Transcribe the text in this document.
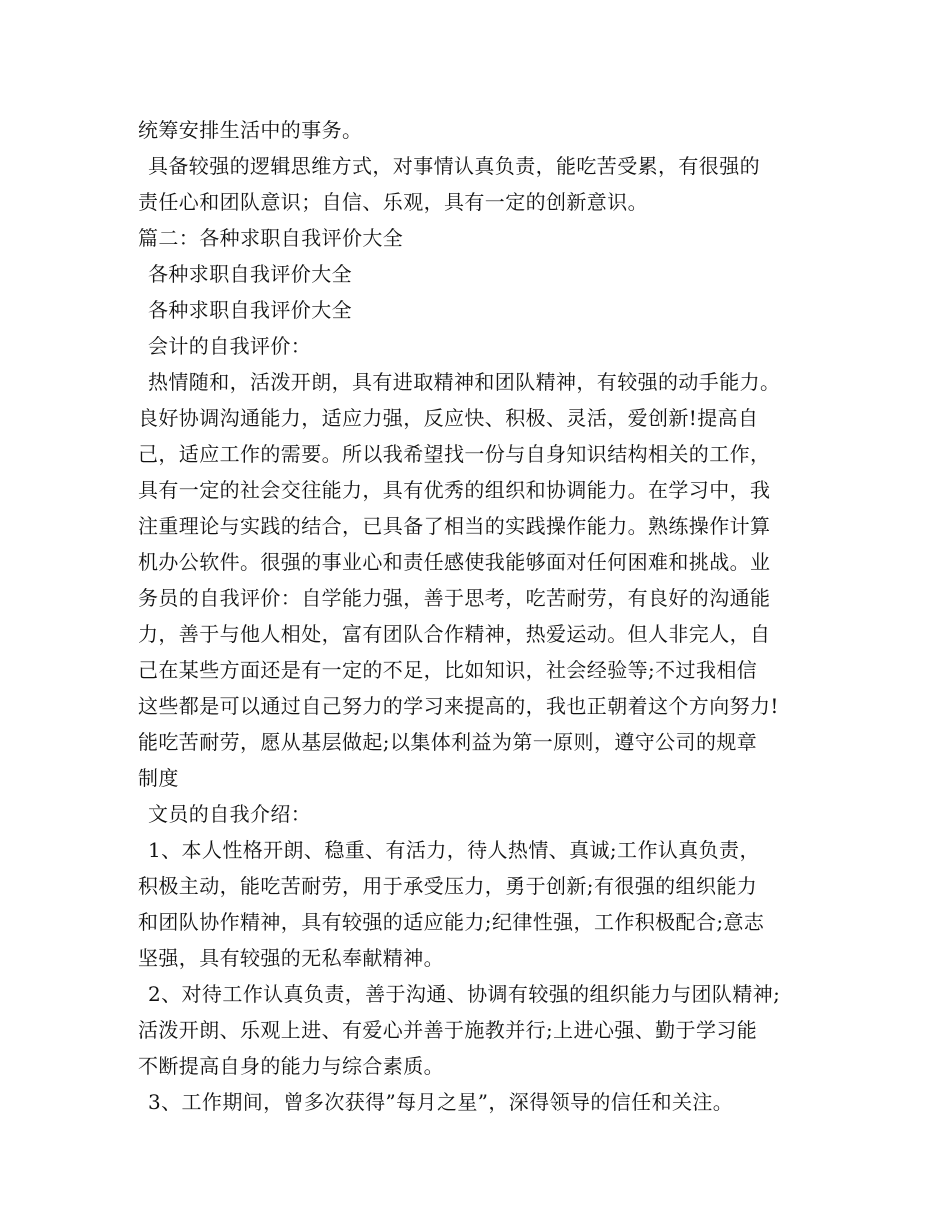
统筹安排生活中的事务。
具备较强的逻辑思维方式，对事情认真负责，能吃苦受累，有很强的
责任心和团队意识；自信、乐观，具有一定的创新意识。
篇二：各种求职自我评价大全
各种求职自我评价大全
各种求职自我评价大全
会计的自我评价：
热情随和，活泼开朗，具有进取精神和团队精神，有较强的动手能力。
良好协调沟通能力，适应力强，反应快、积极、灵活，爱创新!提高自
己，适应工作的需要。所以我希望找一份与自身知识结构相关的工作，
具有一定的社会交往能力，具有优秀的组织和协调能力。在学习中，我
注重理论与实践的结合，已具备了相当的实践操作能力。熟练操作计算
机办公软件。很强的事业心和责任感使我能够面对任何困难和挑战。业
务员的自我评价：自学能力强，善于思考，吃苦耐劳，有良好的沟通能
力，善于与他人相处，富有团队合作精神，热爱运动。但人非完人，自
己在某些方面还是有一定的不足，比如知识，社会经验等;不过我相信
这些都是可以通过自己努力的学习来提高的，我也正朝着这个方向努力!
能吃苦耐劳，愿从基层做起;以集体利益为第一原则，遵守公司的规章
制度
文员的自我介绍：
1、本人性格开朗、稳重、有活力，待人热情、真诚;工作认真负责，
积极主动，能吃苦耐劳，用于承受压力，勇于创新;有很强的组织能力
和团队协作精神，具有较强的适应能力;纪律性强，工作积极配合;意志
坚强，具有较强的无私奉献精神。
2、对待工作认真负责，善于沟通、协调有较强的组织能力与团队精神;
活泼开朗、乐观上进、有爱心并善于施教并行;上进心强、勤于学习能
不断提高自身的能力与综合素质。
3、工作期间，曾多次获得”每月之星”，深得领导的信任和关注。
